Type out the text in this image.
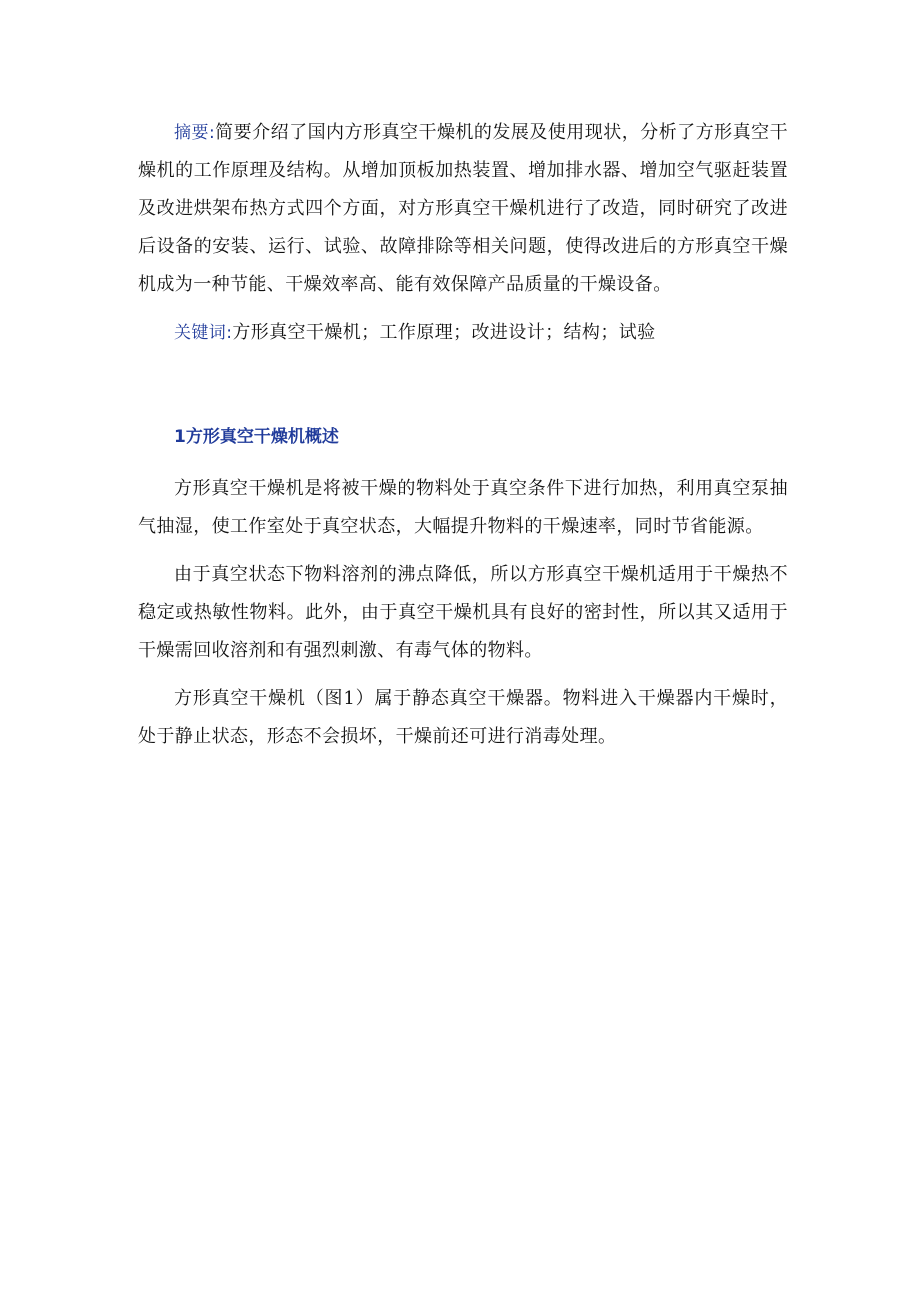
摘要:简要介绍了国内方形真空干燥机的发展及使用现状，分析了方形真空干燥机的工作原理及结构。从增加顶板加热装置、增加排水器、增加空气驱赶装置及改进烘架布热方式四个方面，对方形真空干燥机进行了改造，同时研究了改进后设备的安装、运行、试验、故障排除等相关问题，使得改进后的方形真空干燥机成为一种节能、干燥效率高、能有效保障产品质量的干燥设备。

关键词:方形真空干燥机；工作原理；改进设计；结构；试验

1方形真空干燥机概述

方形真空干燥机是将被干燥的物料处于真空条件下进行加热，利用真空泵抽气抽湿，使工作室处于真空状态，大幅提升物料的干燥速率，同时节省能源。

由于真空状态下物料溶剂的沸点降低，所以方形真空干燥机适用于干燥热不稳定或热敏性物料。此外，由于真空干燥机具有良好的密封性，所以其又适用于干燥需回收溶剂和有强烈刺激、有毒气体的物料。

方形真空干燥机（图1）属于静态真空干燥器。物料进入干燥器内干燥时，处于静止状态，形态不会损坏，干燥前还可进行消毒处理。
